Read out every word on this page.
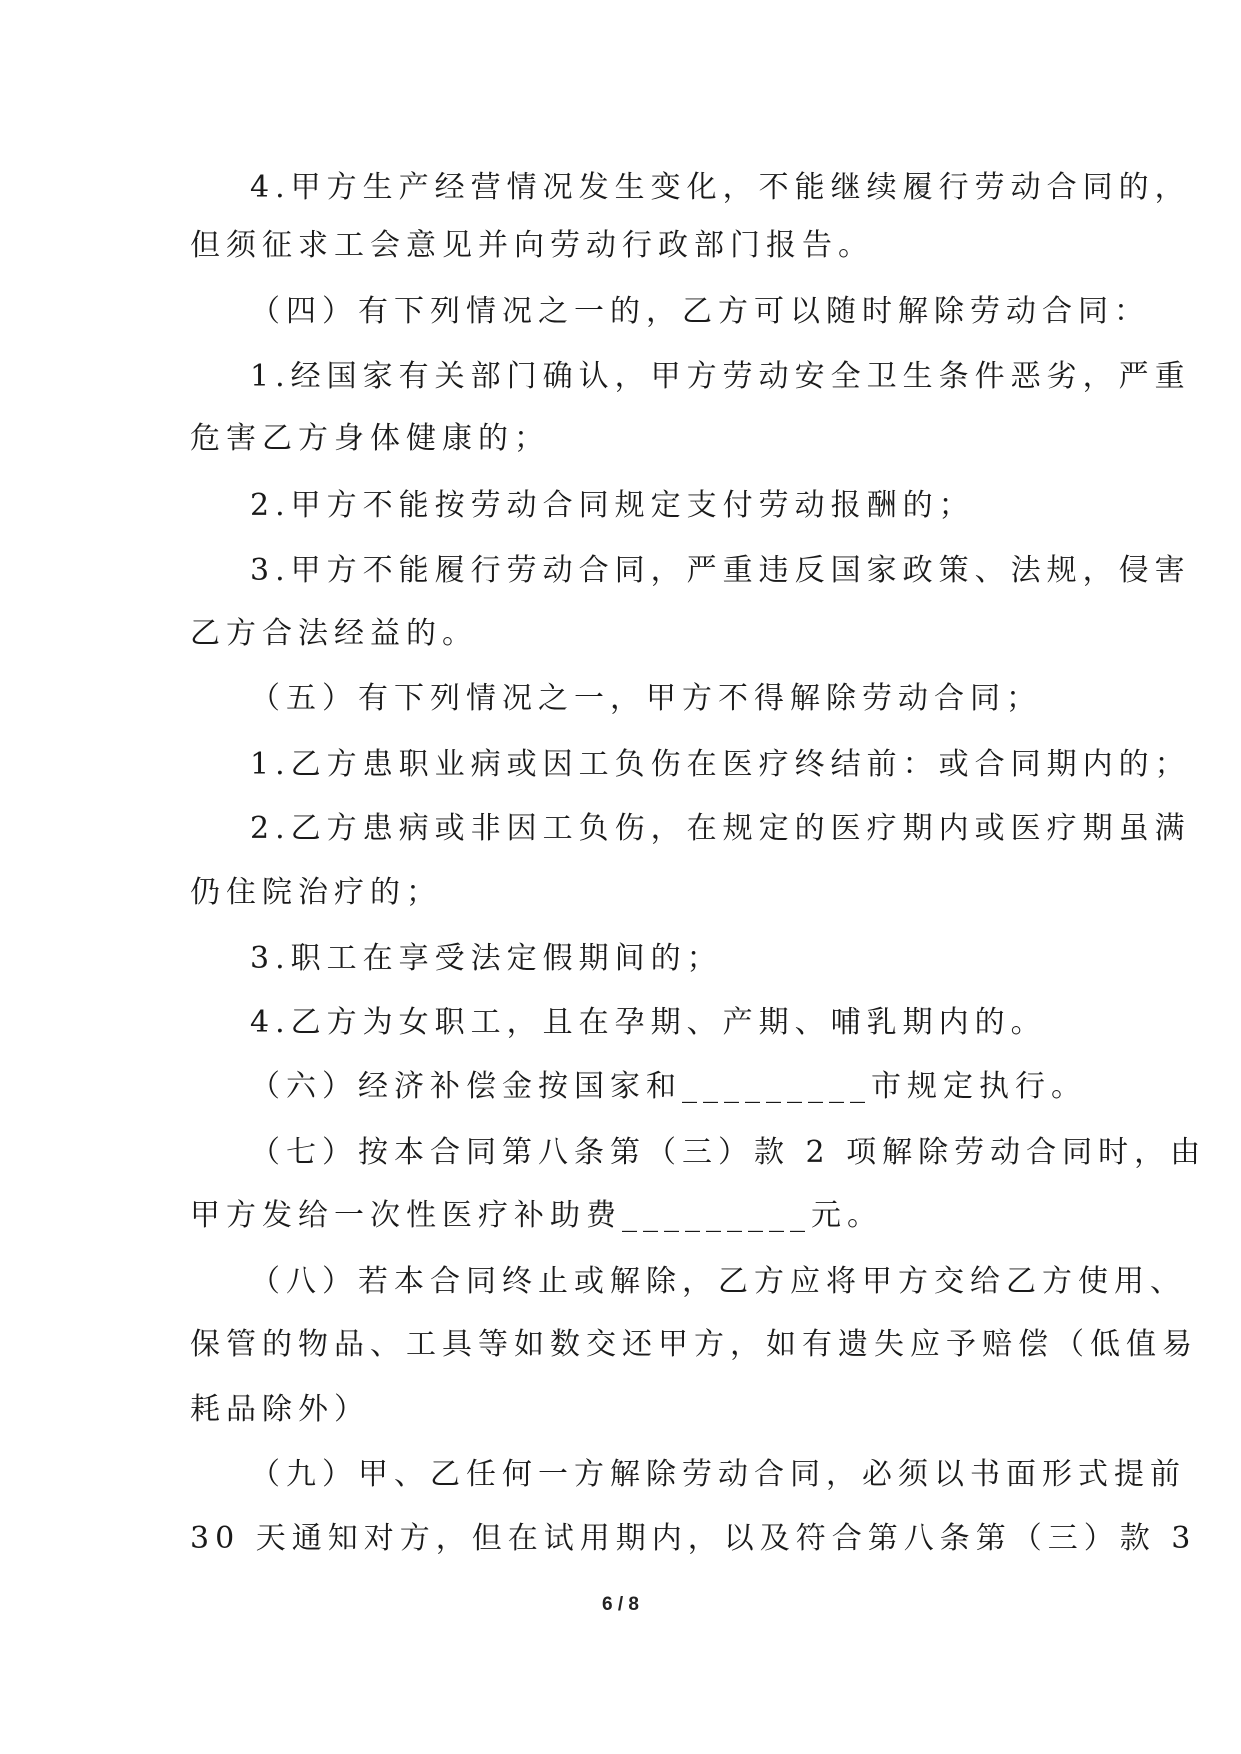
4.甲方生产经营情况发生变化，不能继续履行劳动合同的，

但须征求工会意见并向劳动行政部门报告。

（四）有下列情况之一的，乙方可以随时解除劳动合同：

1.经国家有关部门确认，甲方劳动安全卫生条件恶劣，严重

危害乙方身体健康的；

2.甲方不能按劳动合同规定支付劳动报酬的；

3.甲方不能履行劳动合同，严重违反国家政策、法规，侵害

乙方合法经益的。

（五）有下列情况之一，甲方不得解除劳动合同；

1.乙方患职业病或因工负伤在医疗终结前：或合同期内的；

2.乙方患病或非因工负伤，在规定的医疗期内或医疗期虽满

仍住院治疗的；

3.职工在享受法定假期间的；

4.乙方为女职工，且在孕期、产期、哺乳期内的。

（六）经济补偿金按国家和_________市规定执行。

（七）按本合同第八条第（三）款 2 项解除劳动合同时，由

甲方发给一次性医疗补助费_________元。

（八）若本合同终止或解除，乙方应将甲方交给乙方使用、

保管的物品、工具等如数交还甲方，如有遗失应予赔偿（低值易

耗品除外）

（九）甲、乙任何一方解除劳动合同，必须以书面形式提前

30 天通知对方，但在试用期内，以及符合第八条第（三）款 3

6 / 8
